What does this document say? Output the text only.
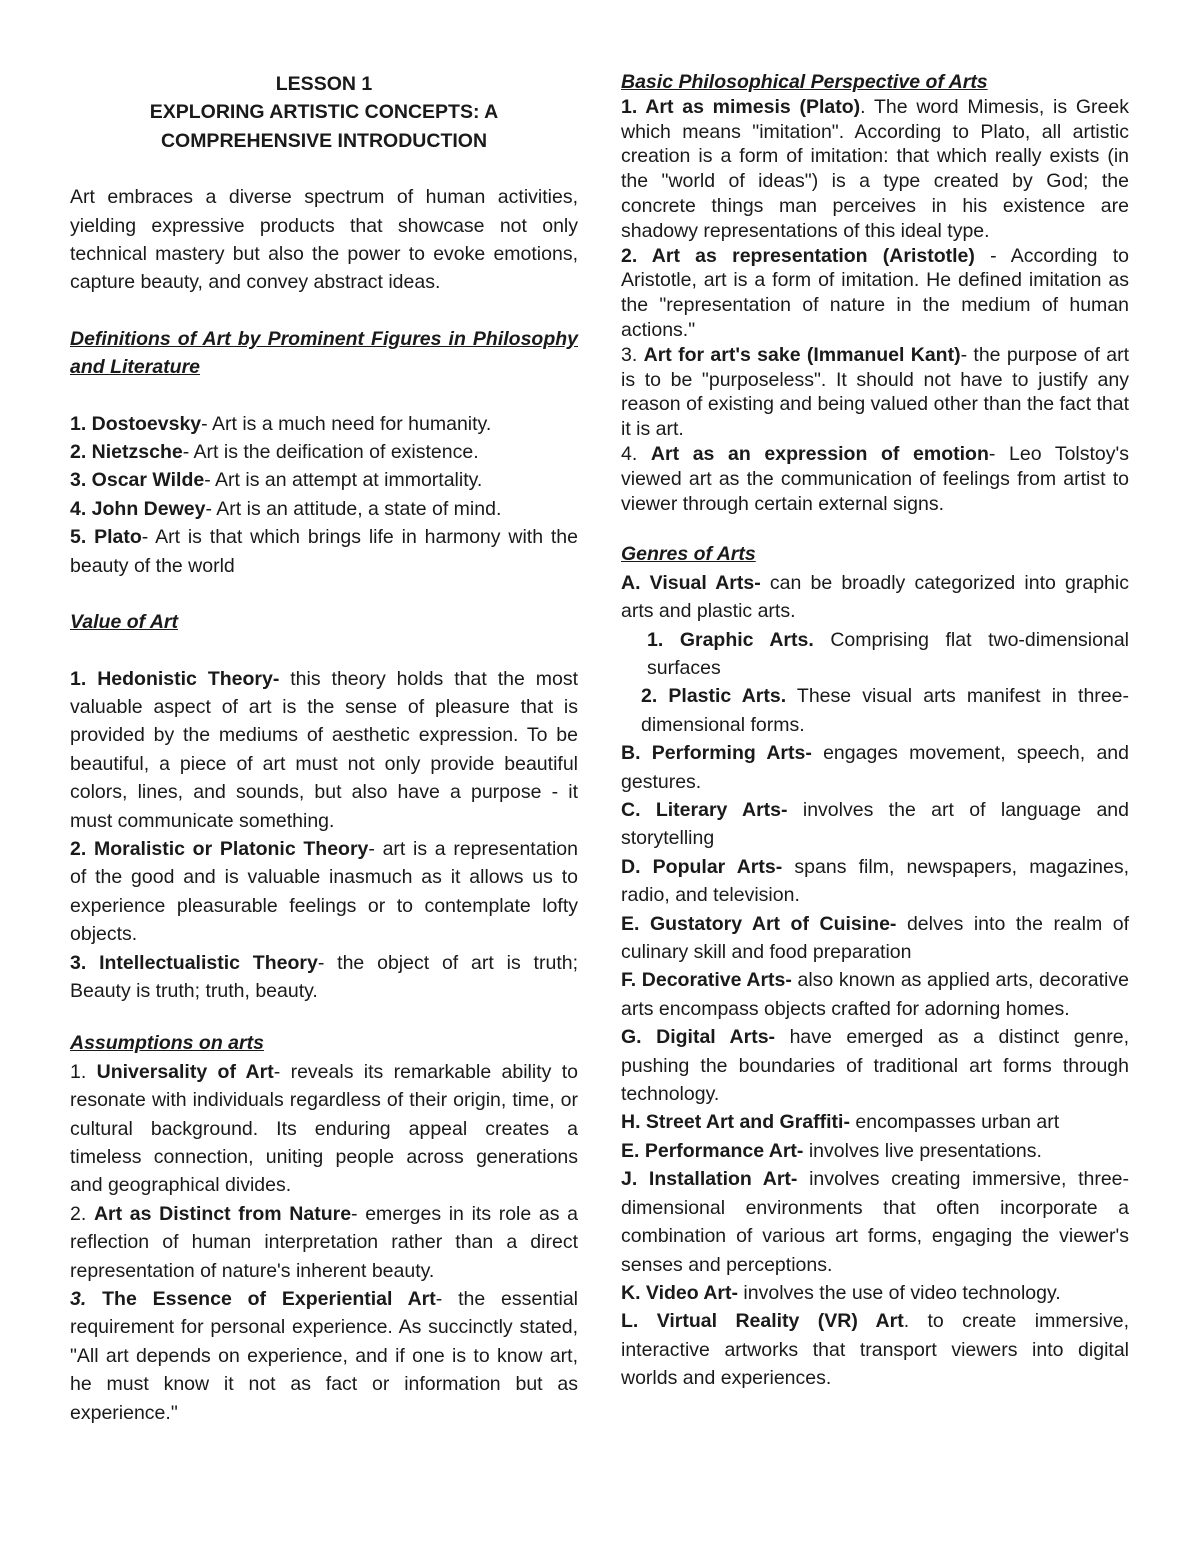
LESSON 1

EXPLORING ARTISTIC CONCEPTS: A

COMPREHENSIVE INTRODUCTION

Art embraces a diverse spectrum of human activities, yielding expressive products that showcase not only technical mastery but also the power to evoke emotions, capture beauty, and convey abstract ideas.

Definitions of Art by Prominent Figures in Philosophy and Literature

1. Dostoevsky- Art is a much need for humanity.

2. Nietzsche- Art is the deification of existence.

3. Oscar Wilde- Art is an attempt at immortality.

4. John Dewey- Art is an attitude, a state of mind.

5. Plato- Art is that which brings life in harmony with the beauty of the world

Value of Art

1. Hedonistic Theory- this theory holds that the most valuable aspect of art is the sense of pleasure that is provided by the mediums of aesthetic expression. To be beautiful, a piece of art must not only provide beautiful colors, lines, and sounds, but also have a purpose - it must communicate something.

2. Moralistic or Platonic Theory- art is a representation of the good and is valuable inasmuch as it allows us to experience pleasurable feelings or to contemplate lofty objects.

3. Intellectualistic Theory- the object of art is truth; Beauty is truth; truth, beauty.

Assumptions on arts

1. Universality of Art- reveals its remarkable ability to resonate with individuals regardless of their origin, time, or cultural background. Its enduring appeal creates a timeless connection, uniting people across generations and geographical divides.

2. Art as Distinct from Nature- emerges in its role as a reflection of human interpretation rather than a direct representation of nature's inherent beauty.

3. The Essence of Experiential Art- the essential requirement for personal experience. As succinctly stated, "All art depends on experience, and if one is to know art, he must know it not as fact or information but as experience."

Basic Philosophical Perspective of Arts

1. Art as mimesis (Plato). The word Mimesis, is Greek which means "imitation". According to Plato, all artistic creation is a form of imitation: that which really exists (in the "world of ideas") is a type created by God; the concrete things man perceives in his existence are shadowy representations of this ideal type.

2. Art as representation (Aristotle) - According to Aristotle, art is a form of imitation. He defined imitation as the "representation of nature in the medium of human actions."

3. Art for art's sake (Immanuel Kant)- the purpose of art is to be "purposeless". It should not have to justify any reason of existing and being valued other than the fact that it is art.

4. Art as an expression of emotion- Leo Tolstoy's viewed art as the communication of feelings from artist to viewer through certain external signs.

Genres of Arts

A. Visual Arts- can be broadly categorized into graphic arts and plastic arts.

1. Graphic Arts. Comprising flat two-dimensional surfaces

2. Plastic Arts. These visual arts manifest in three-dimensional forms.

B. Performing Arts- engages movement, speech, and gestures.

C. Literary Arts- involves the art of language and storytelling

D. Popular Arts- spans film, newspapers, magazines, radio, and television.

E. Gustatory Art of Cuisine- delves into the realm of culinary skill and food preparation

F. Decorative Arts- also known as applied arts, decorative arts encompass objects crafted for adorning homes.

G. Digital Arts- have emerged as a distinct genre, pushing the boundaries of traditional art forms through technology.

H. Street Art and Graffiti- encompasses urban art

E. Performance Art- involves live presentations.

J. Installation Art- involves creating immersive, three-dimensional environments that often incorporate a combination of various art forms, engaging the viewer's senses and perceptions.

K. Video Art- involves the use of video technology.

L. Virtual Reality (VR) Art. to create immersive, interactive artworks that transport viewers into digital worlds and experiences.
